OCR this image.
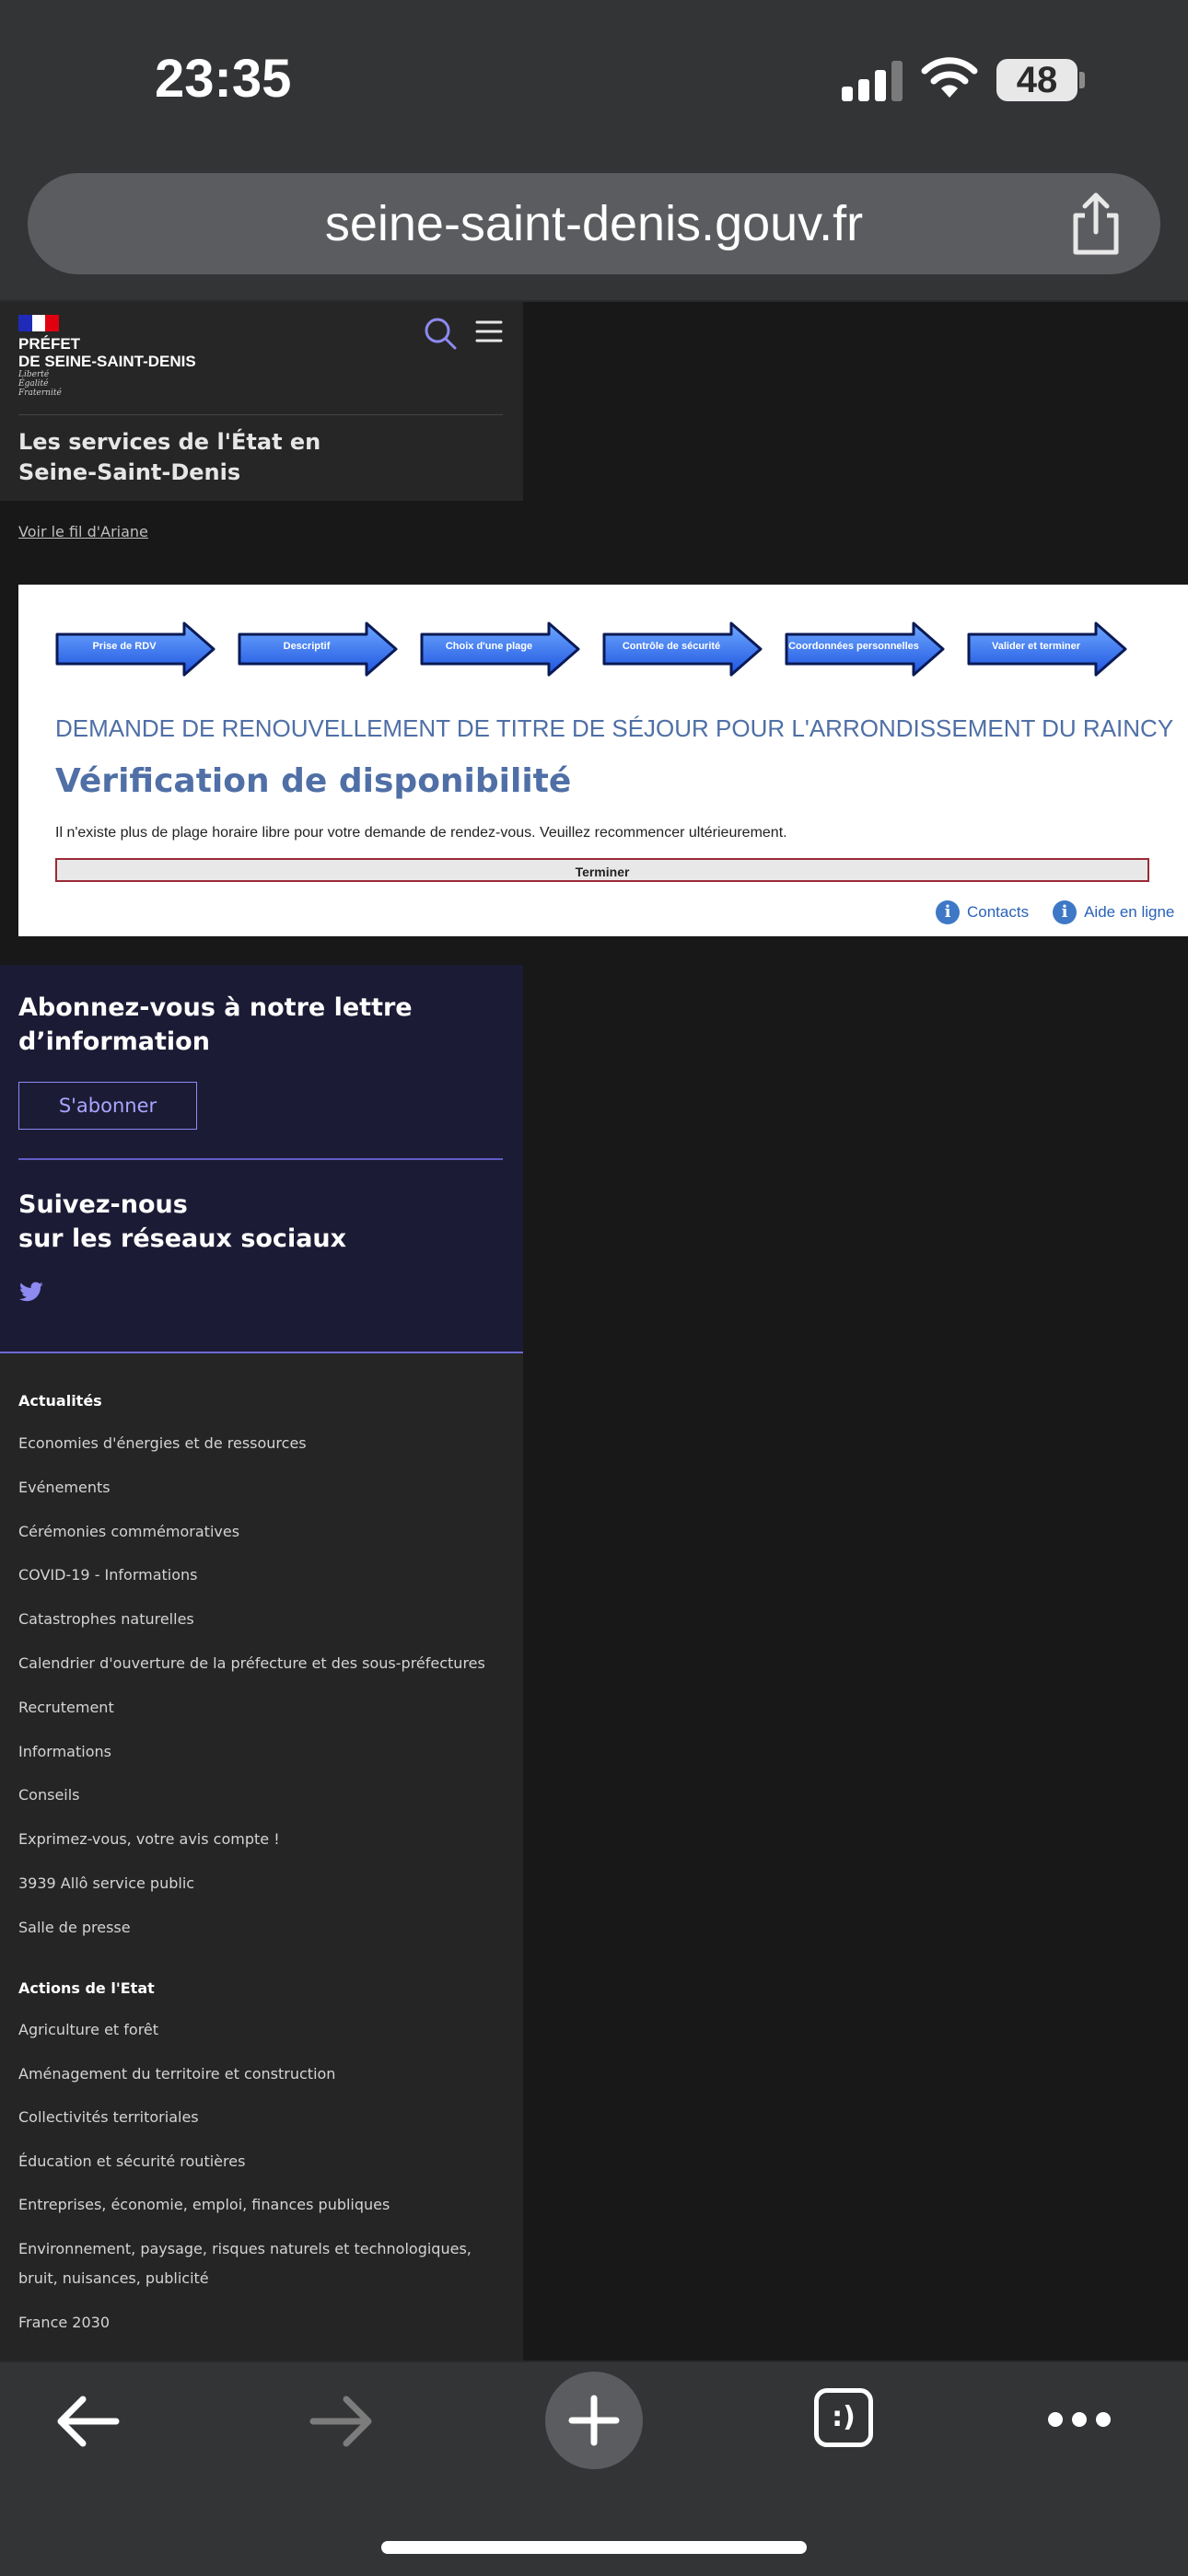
23:35	48
seine-saint-denis.gouv.fr
PRÉFET
DE SEINE-SAINT-DENIS
Liberté
Égalité
Fraternité
Les services de l'État en
Seine-Saint-Denis
Voir le fil d'Ariane
Prise de RDV	Descriptif	Choix d'une plage	Contrôle de sécurité	Coordonnées personnelles	Valider et terminer
DEMANDE DE RENOUVELLEMENT DE TITRE DE SÉJOUR POUR L'ARRONDISSEMENT DU RAINCY
Vérification de disponibilité
Il n'existe plus de plage horaire libre pour votre demande de rendez-vous. Veuillez recommencer ultérieurement.
Terminer
i	Contacts	i	Aide en ligne
Abonnez-vous à notre lettre
d’information
S'abonner
Suivez-nous
sur les réseaux sociaux
:)
Actualités
Economies d'énergies et de ressources
Evénements
Cérémonies commémoratives
COVID-19 - Informations
Catastrophes naturelles
Calendrier d'ouverture de la préfecture et des sous-préfectures
Recrutement
Informations
Conseils
Exprimez-vous, votre avis compte !
3939 Allô service public
Salle de presse
Actions de l'Etat
Agriculture et forêt
Aménagement du territoire et construction
Collectivités territoriales
Éducation et sécurité routières
Entreprises, économie, emploi, finances publiques
Environnement, paysage, risques naturels et technologiques, bruit, nuisances, publicité
France 2030
